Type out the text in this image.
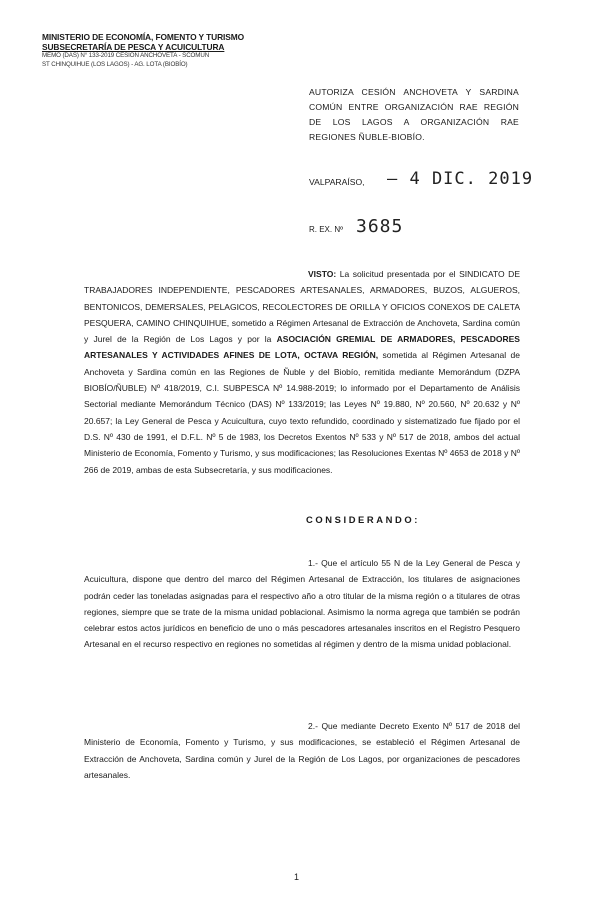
MINISTERIO DE ECONOMÍA, FOMENTO Y TURISMO
SUBSECRETARÍA DE PESCA Y ACUICULTURA
MEMO (DAS) N° 133-2019 CESIÓN ANCHOVETA - SCOMÚN
ST CHINQUIHUE (LOS LAGOS) - AG. LOTA (BIOBÍO)
AUTORIZA CESIÓN ANCHOVETA Y SARDINA COMÚN ENTRE ORGANIZACIÓN RAE REGIÓN DE LOS LAGOS A ORGANIZACIÓN RAE REGIONES ÑUBLE-BIOBÍO.
VALPARAÍSO, – 4 DIC. 2019
R. EX. Nº 3685
VISTO: La solicitud presentada por el SINDICATO DE TRABAJADORES INDEPENDIENTE, PESCADORES ARTESANALES, ARMADORES, BUZOS, ALGUEROS, BENTONICOS, DEMERSALES, PELAGICOS, RECOLECTORES DE ORILLA Y OFICIOS CONEXOS DE CALETA PESQUERA, CAMINO CHINQUIHUE, sometido a Régimen Artesanal de Extracción de Anchoveta, Sardina común y Jurel de la Región de Los Lagos y por la ASOCIACIÓN GREMIAL DE ARMADORES, PESCADORES ARTESANALES Y ACTIVIDADES AFINES DE LOTA, OCTAVA REGIÓN, sometida al Régimen Artesanal de Anchoveta y Sardina común en las Regiones de Ñuble y del Biobío, remitida mediante Memorándum (DZPA BIOBÍO/ÑUBLE) Nº 418/2019, C.I. SUBPESCA Nº 14.988-2019; lo informado por el Departamento de Análisis Sectorial mediante Memorándum Técnico (DAS) Nº 133/2019; las Leyes Nº 19.880, Nº 20.560, Nº 20.632 y Nº 20.657; la Ley General de Pesca y Acuicultura, cuyo texto refundido, coordinado y sistematizado fue fijado por el D.S. Nº 430 de 1991, el D.F.L. Nº 5 de 1983, los Decretos Exentos Nº 533 y Nº 517 de 2018, ambos del actual Ministerio de Economía, Fomento y Turismo, y sus modificaciones; las Resoluciones Exentas Nº 4653 de 2018 y Nº 266 de 2019, ambas de esta Subsecretaría, y sus modificaciones.
CONSIDERANDO:
1.- Que el artículo 55 N de la Ley General de Pesca y Acuicultura, dispone que dentro del marco del Régimen Artesanal de Extracción, los titulares de asignaciones podrán ceder las toneladas asignadas para el respectivo año a otro titular de la misma región o a titulares de otras regiones, siempre que se trate de la misma unidad poblacional. Asimismo la norma agrega que también se podrán celebrar estos actos jurídicos en beneficio de uno o más pescadores artesanales inscritos en el Registro Pesquero Artesanal en el recurso respectivo en regiones no sometidas al régimen y dentro de la misma unidad poblacional.
2.- Que mediante Decreto Exento Nº 517 de 2018 del Ministerio de Economía, Fomento y Turismo, y sus modificaciones, se estableció el Régimen Artesanal de Extracción de Anchoveta, Sardina común y Jurel de la Región de Los Lagos, por organizaciones de pescadores artesanales.
1
